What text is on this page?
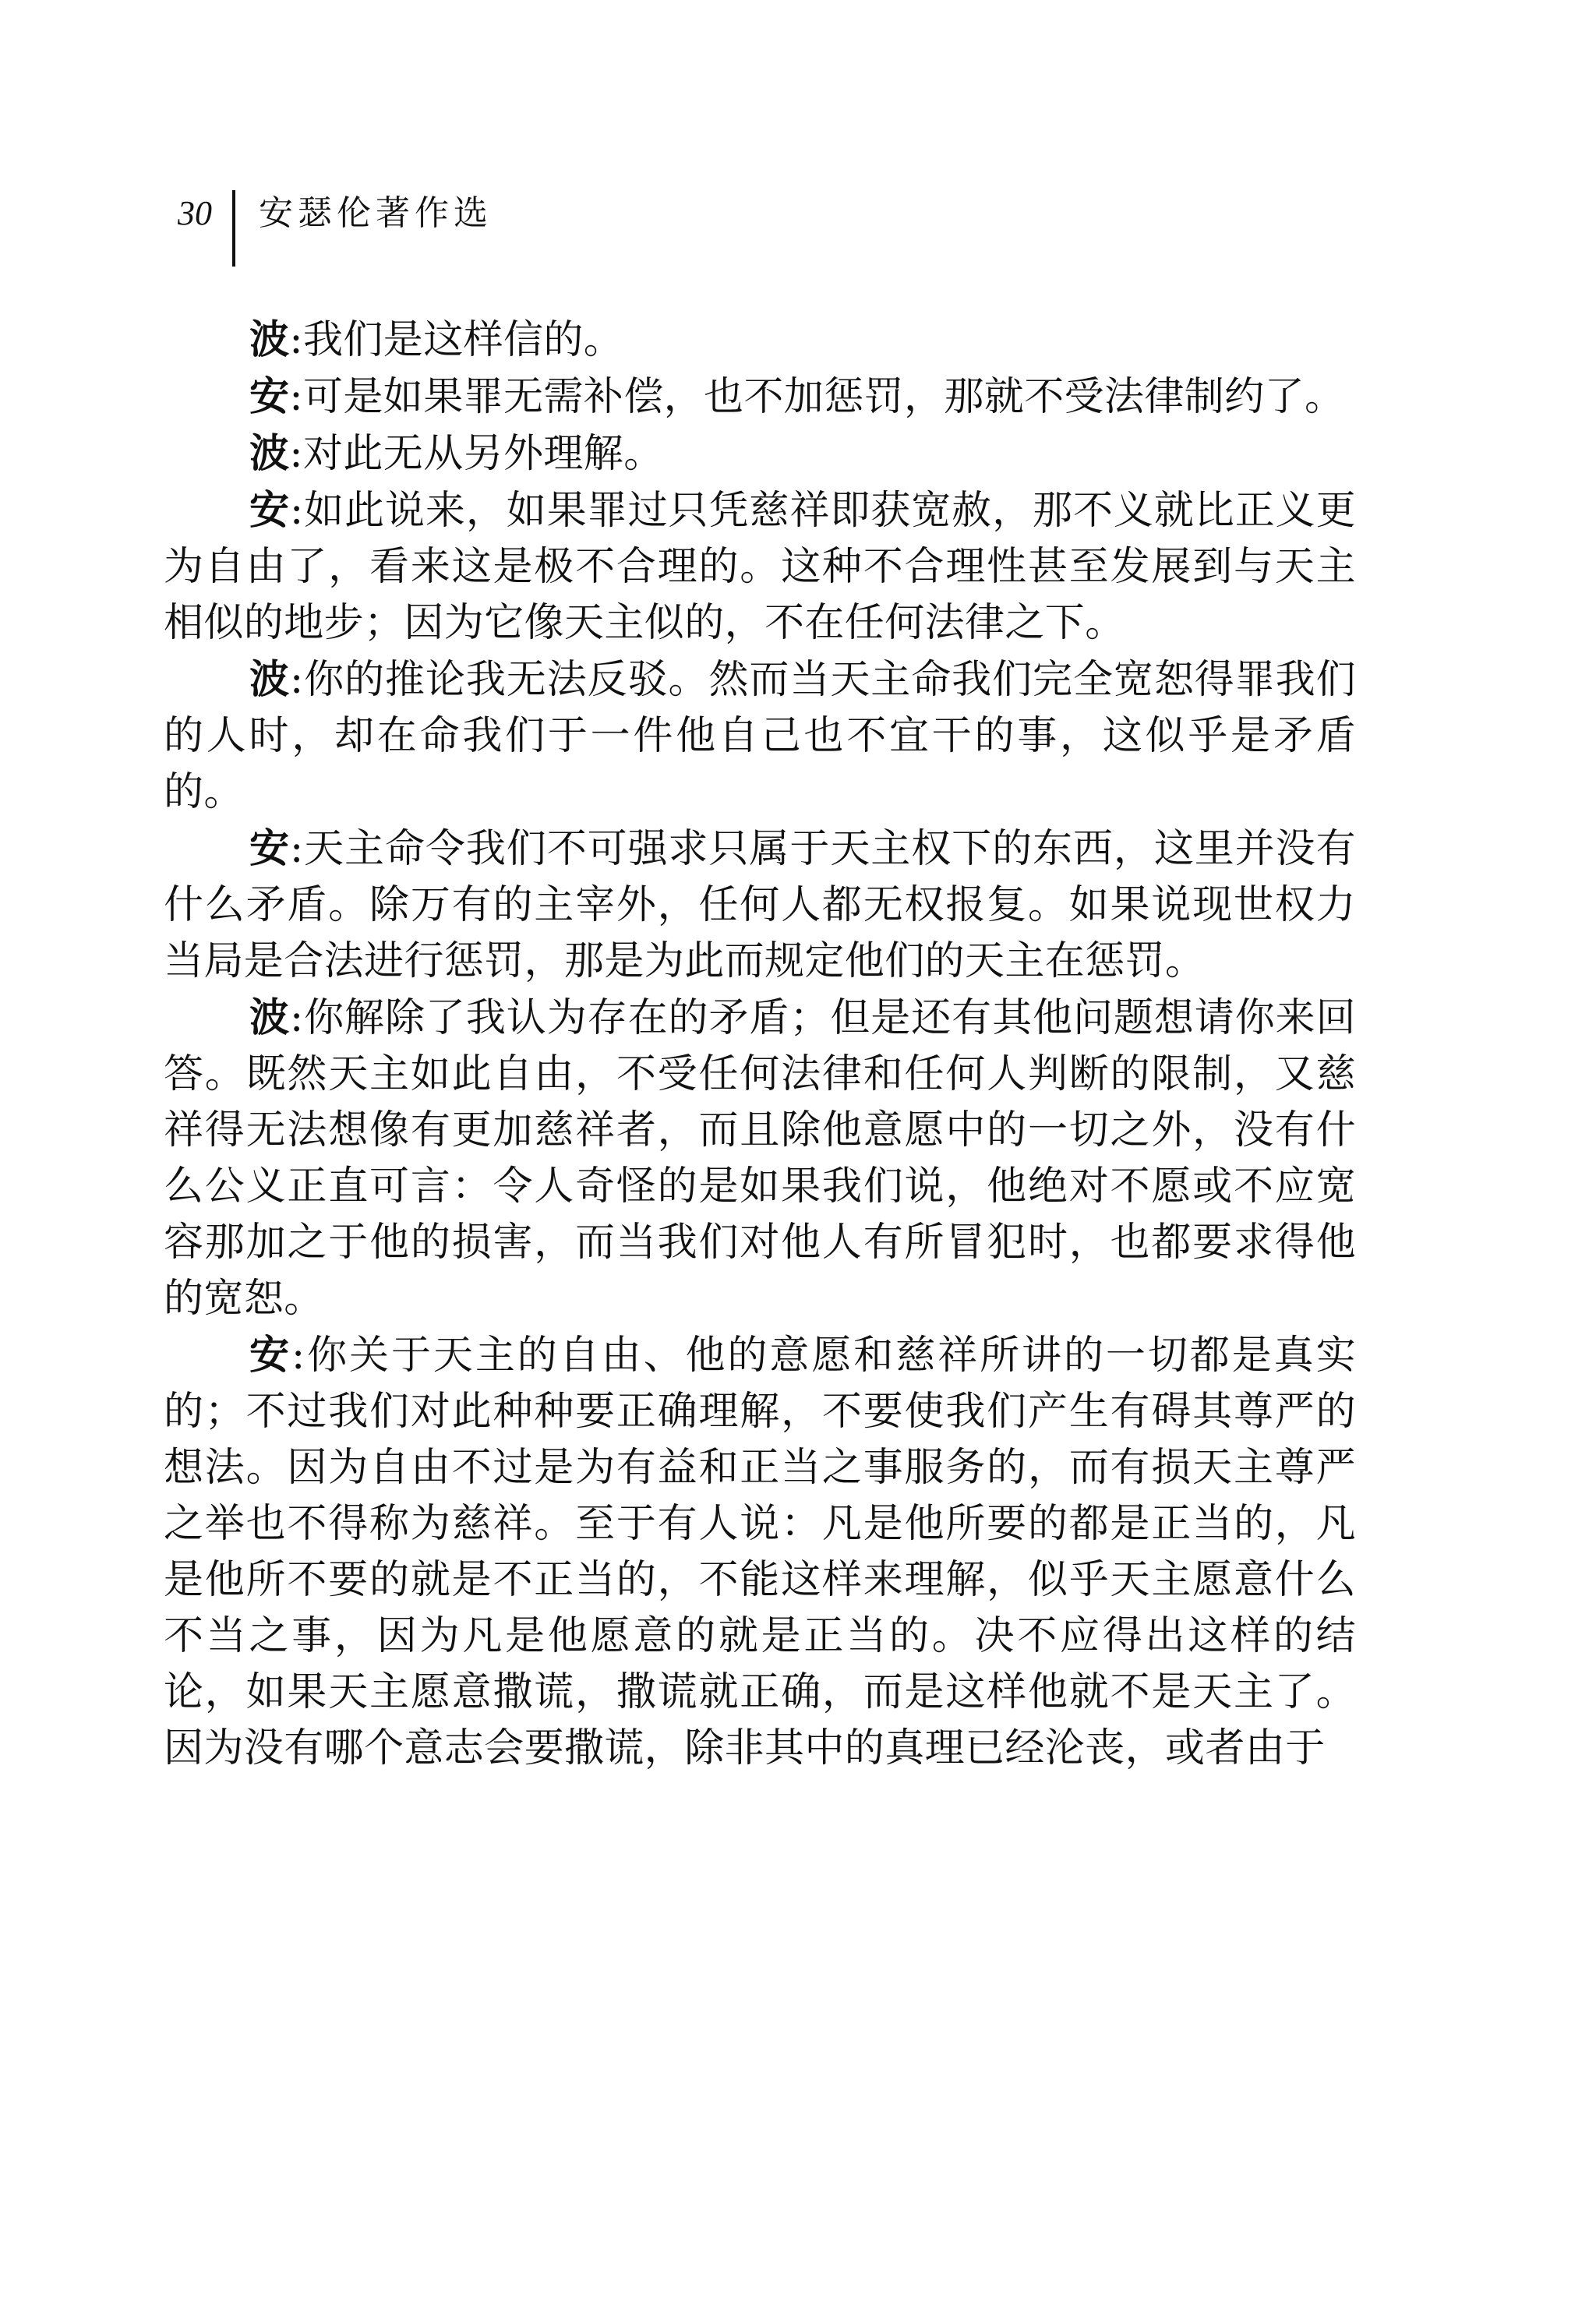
30 安瑟伦著作选

波:我们是这样信的。

安:可是如果罪无需补偿，也不加惩罚，那就不受法律制约了。

波:对此无从另外理解。

安:如此说来，如果罪过只凭慈祥即获宽赦，那不义就比正义更为自由了，看来这是极不合理的。这种不合理性甚至发展到与天主相似的地步；因为它像天主似的，不在任何法律之下。

波:你的推论我无法反驳。然而当天主命我们完全宽恕得罪我们的人时，却在命我们于一件他自己也不宜干的事，这似乎是矛盾的。

安:天主命令我们不可强求只属于天主权下的东西，这里并没有什么矛盾。除万有的主宰外，任何人都无权报复。如果说现世权力当局是合法进行惩罚，那是为此而规定他们的天主在惩罚。

波:你解除了我认为存在的矛盾；但是还有其他问题想请你来回答。既然天主如此自由，不受任何法律和任何人判断的限制，又慈祥得无法想像有更加慈祥者，而且除他意愿中的一切之外，没有什么公义正直可言：令人奇怪的是如果我们说，他绝对不愿或不应宽容那加之于他的损害，而当我们对他人有所冒犯时，也都要求得他的宽恕。

安:你关于天主的自由、他的意愿和慈祥所讲的一切都是真实的；不过我们对此种种要正确理解，不要使我们产生有碍其尊严的想法。因为自由不过是为有益和正当之事服务的，而有损天主尊严之举也不得称为慈祥。至于有人说：凡是他所要的都是正当的，凡是他所不要的就是不正当的，不能这样来理解，似乎天主愿意什么不当之事，因为凡是他愿意的就是正当的。决不应得出这样的结论，如果天主愿意撒谎，撒谎就正确，而是这样他就不是天主了。因为没有哪个意志会要撒谎，除非其中的真理已经沦丧，或者由于
